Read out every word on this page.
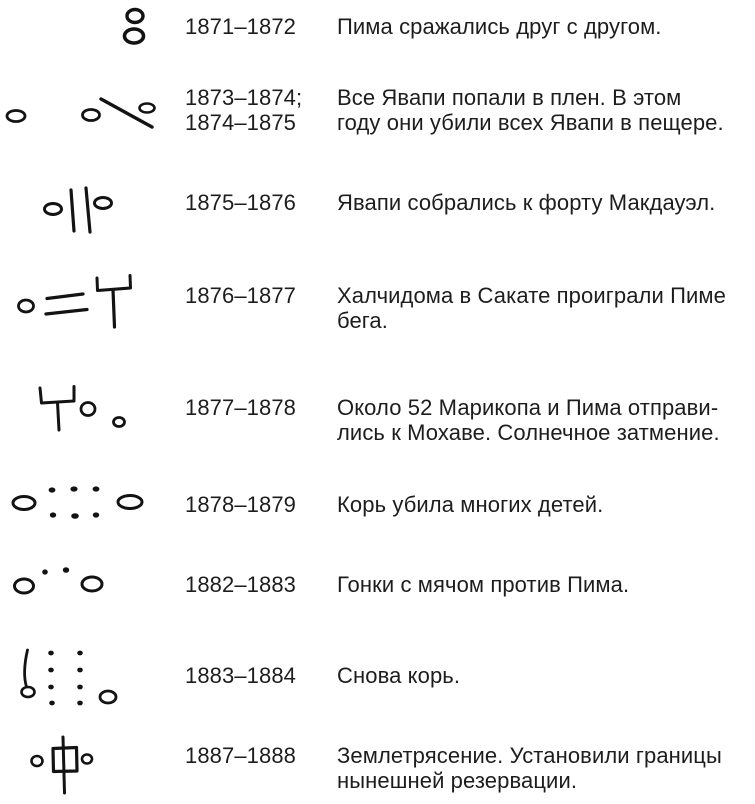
1871–1872 Пима сражались друг с другом.
1873–1874;
1874–1875
Все Явапи попали в плен. В этом
году они убили всех Явапи в пещере.
1875–1876 Явапи собрались к форту Макдауэл.
1876–1877 Халчидома в Сакате проиграли Пиме
бега.
1877–1878 Около 52 Марикопа и Пима отправи-
лись к Мохаве. Солнечное затмение.
1878–1879 Корь убила многих детей.
1882–1883 Гонки с мячом против Пима.
1883–1884 Снова корь.
1887–1888 Землетрясение. Установили границы
нынешней резервации.
